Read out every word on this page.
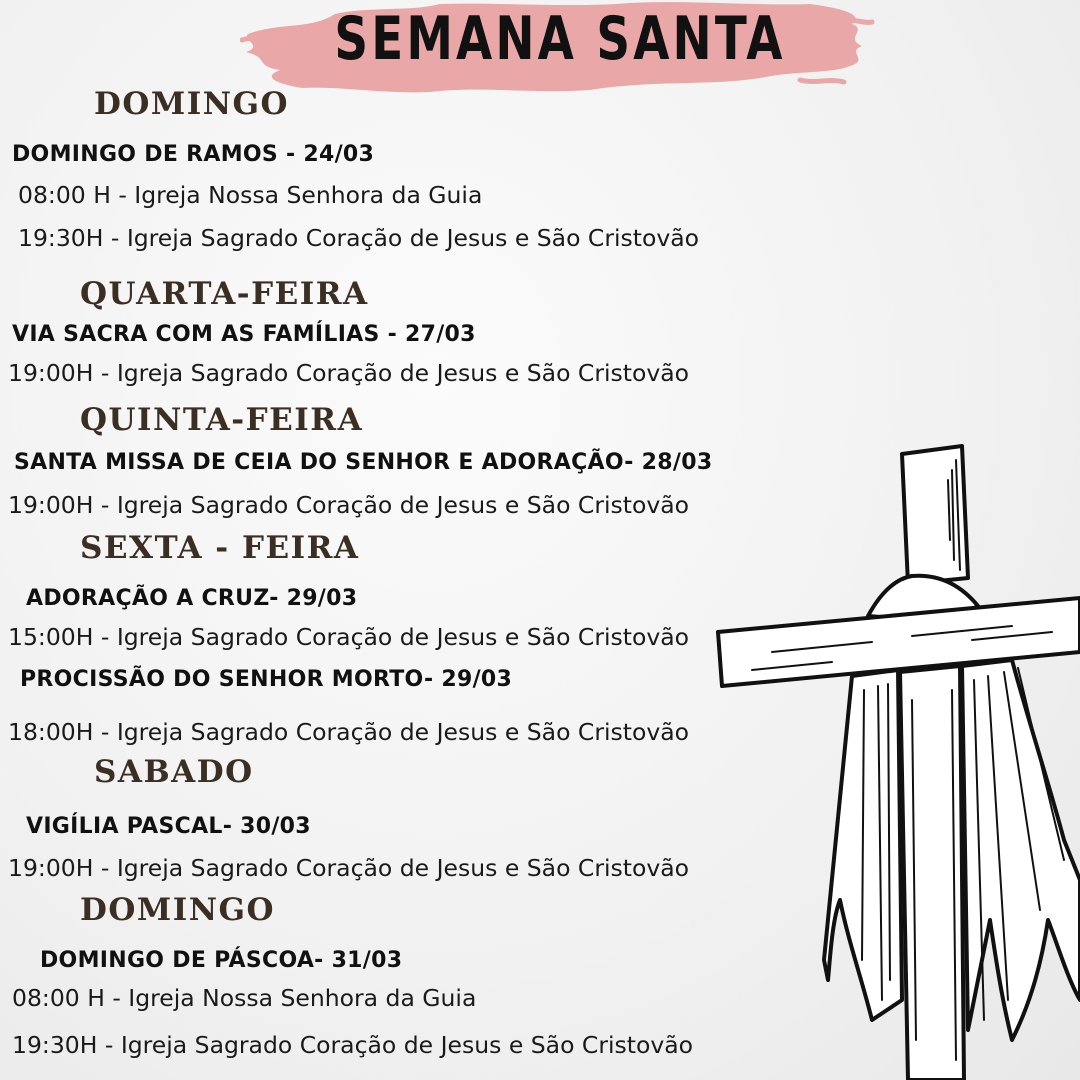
SEMANA SANTA
DOMINGO
DOMINGO DE RAMOS - 24/03
08:00 H - Igreja Nossa Senhora da Guia
19:30H - Igreja Sagrado Coração de Jesus e São Cristovão
QUARTA-FEIRA
VIA SACRA COM AS FAMÍLIAS - 27/03
19:00H - Igreja Sagrado Coração de Jesus e São Cristovão
QUINTA-FEIRA
SANTA MISSA DE CEIA DO SENHOR E ADORAÇÃO- 28/03
19:00H - Igreja Sagrado Coração de Jesus e São Cristovão
SEXTA - FEIRA
ADORAÇÃO A CRUZ- 29/03
15:00H - Igreja Sagrado Coração de Jesus e São Cristovão
PROCISSÃO DO SENHOR MORTO- 29/03
18:00H - Igreja Sagrado Coração de Jesus e São Cristovão
SABADO
VIGÍLIA PASCAL- 30/03
19:00H - Igreja Sagrado Coração de Jesus e São Cristovão
DOMINGO
DOMINGO DE PÁSCOA- 31/03
08:00 H - Igreja Nossa Senhora da Guia
19:30H - Igreja Sagrado Coração de Jesus e São Cristovão
